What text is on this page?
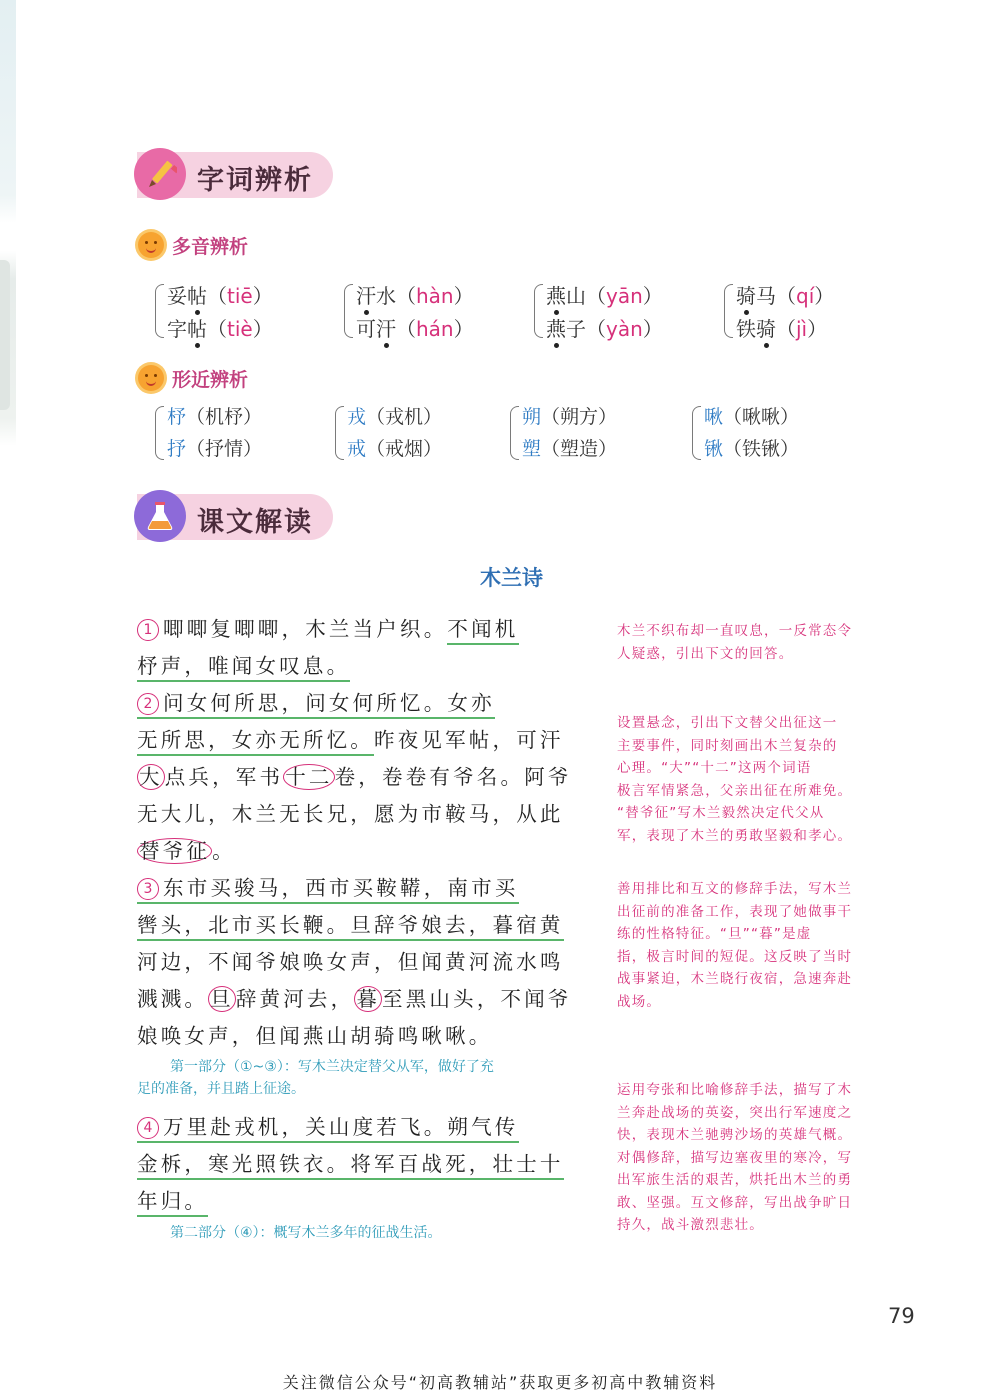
字词辨析
多音辨析
妥帖（tiē）
字帖（tiè）
汗水（hàn）
可汗（hán）
燕山（yān）
燕子（yàn）
骑马（qí）
铁骑（jì）
形近辨析
杼（机杼）
抒（抒情）
戎（戎机）
戒（戒烟）
朔（朔方）
塑（塑造）
啾（啾啾）
锹（铁锹）
课文解读
木兰诗
1 唧唧复唧唧，木兰当户织。不闻机
杼声，唯闻女叹息。
2 问女何所思，问女何所忆。女亦
无所思，女亦无所忆。昨夜见军帖，可汗
大点兵，军书十二卷，卷卷有爷名。阿爷
无大儿，木兰无长兄，愿为市鞍马，从此
替爷征。
3 东市买骏马，西市买鞍鞯，南市买
辔头，北市买长鞭。旦辞爷娘去，暮宿黄
河边，不闻爷娘唤女声，但闻黄河流水鸣
溅溅。旦辞黄河去，暮至黑山头，不闻爷
娘唤女声，但闻燕山胡骑鸣啾啾。
第一部分（①~③）：写木兰决定替父从军，做好了充
足的准备，并且踏上征途。
4 万里赴戎机，关山度若飞。朔气传
金柝，寒光照铁衣。将军百战死，壮士十
年归。
第二部分（④）：概写木兰多年的征战生活。
木兰不织布却一直叹息，一反常态令
人疑惑，引出下文的回答。
设置悬念，引出下文替父出征这一
主要事件，同时刻画出木兰复杂的
心理。“大”“十二”这两个词语
极言军情紧急，父亲出征在所难免。
“替爷征”写木兰毅然决定代父从
军，表现了木兰的勇敢坚毅和孝心。
善用排比和互文的修辞手法，写木兰
出征前的准备工作，表现了她做事干
练的性格特征。“旦”“暮”是虚
指，极言时间的短促。这反映了当时
战事紧迫，木兰晓行夜宿，急速奔赴
战场。
运用夸张和比喻修辞手法，描写了木
兰奔赴战场的英姿，突出行军速度之
快，表现木兰驰骋沙场的英雄气概。
对偶修辞，描写边塞夜里的寒冷，写
出军旅生活的艰苦，烘托出木兰的勇
敢、坚强。互文修辞，写出战争旷日
持久，战斗激烈悲壮。
79
关注微信公众号“初高教辅站”获取更多初高中教辅资料
